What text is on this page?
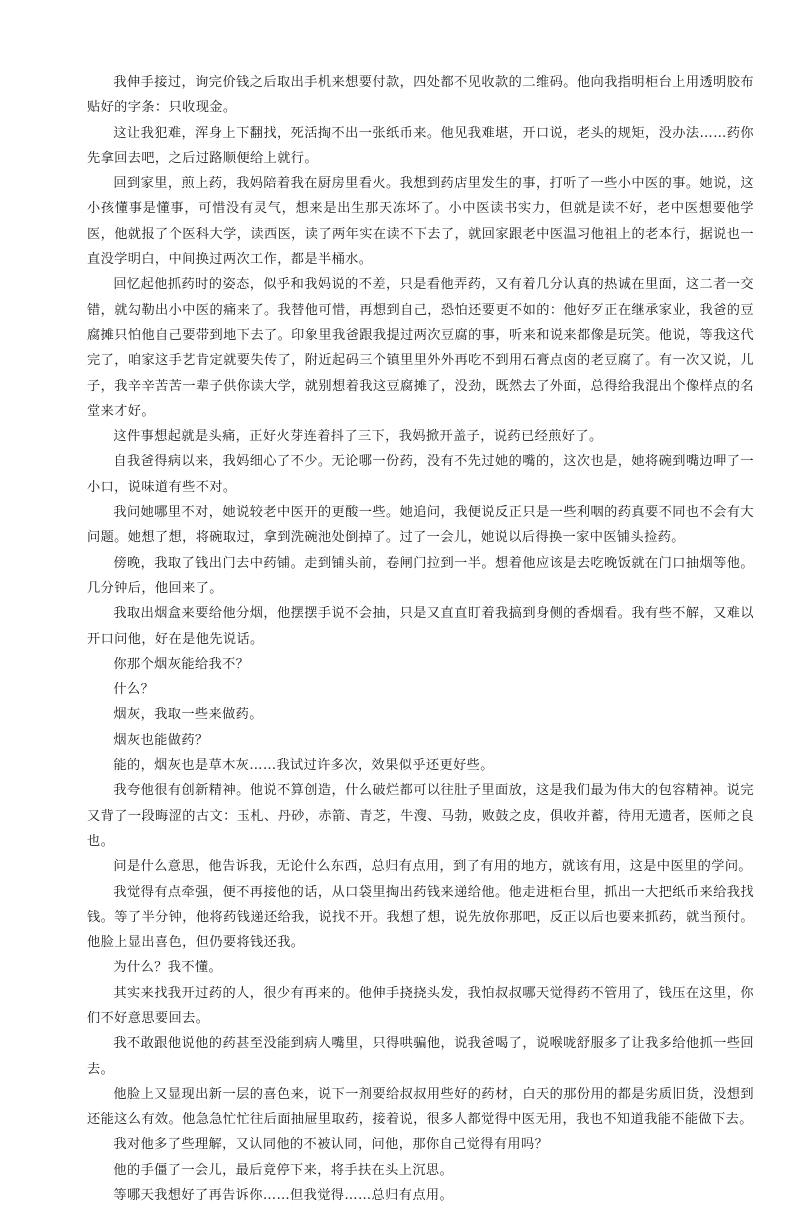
我伸手接过，询完价钱之后取出手机来想要付款，四处都不见收款的二维码。他向我指明柜台上用透明胶布贴好的字条：只收现金。

这让我犯难，浑身上下翻找，死活掏不出一张纸币来。他见我难堪，开口说，老头的规矩，没办法……药你先拿回去吧，之后过路顺便给上就行。

回到家里，煎上药，我妈陪着我在厨房里看火。我想到药店里发生的事，打听了一些小中医的事。她说，这小孩懂事是懂事，可惜没有灵气，想来是出生那天冻坏了。小中医读书实力，但就是读不好，老中医想要他学医，他就报了个医科大学，读西医，读了两年实在读不下去了，就回家跟老中医温习他祖上的老本行，据说也一直没学明白，中间换过两次工作，都是半桶水。

回忆起他抓药时的姿态，似乎和我妈说的不差，只是看他弄药，又有着几分认真的热诚在里面，这二者一交错，就勾勒出小中医的痛来了。我替他可惜，再想到自己，恐怕还要更不如的：他好歹正在继承家业，我爸的豆腐摊只怕他自己要带到地下去了。印象里我爸跟我提过两次豆腐的事，听来和说来都像是玩笑。他说，等我这代完了，咱家这手艺肯定就要失传了，附近起码三个镇里里外外再吃不到用石膏点卤的老豆腐了。有一次又说，儿子，我辛辛苦苦一辈子供你读大学，就别想着我这豆腐摊了，没劲，既然去了外面，总得给我混出个像样点的名堂来才好。

这件事想起就是头痛，正好火芽连着抖了三下，我妈掀开盖子，说药已经煎好了。

自我爸得病以来，我妈细心了不少。无论哪一份药，没有不先过她的嘴的，这次也是，她将碗到嘴边呷了一小口，说味道有些不对。

我问她哪里不对，她说较老中医开的更酸一些。她追问，我便说反正只是一些利咽的药真要不同也不会有大问题。她想了想，将碗取过，拿到洗碗池处倒掉了。过了一会儿，她说以后得换一家中医铺头捡药。

傍晚，我取了钱出门去中药铺。走到铺头前，卷闸门拉到一半。想着他应该是去吃晚饭就在门口抽烟等他。几分钟后，他回来了。

我取出烟盒来要给他分烟，他摆摆手说不会抽，只是又直直盯着我搞到身侧的香烟看。我有些不解，又难以开口问他，好在是他先说话。

你那个烟灰能给我不？

什么？

烟灰，我取一些来做药。

烟灰也能做药？

能的，烟灰也是草木灰……我试过许多次，效果似乎还更好些。

我夸他很有创新精神。他说不算创造，什么破烂都可以往肚子里面放，这是我们最为伟大的包容精神。说完又背了一段晦涩的古文：玉札、丹砂，赤箭、青芝，牛溲、马勃，败鼓之皮，俱收并蓄，待用无遗者，医师之良也。

问是什么意思，他告诉我，无论什么东西，总归有点用，到了有用的地方，就该有用，这是中医里的学问。

我觉得有点牵强，便不再接他的话，从口袋里掏出药钱来递给他。他走进柜台里，抓出一大把纸币来给我找钱。等了半分钟，他将药钱递还给我，说找不开。我想了想，说先放你那吧，反正以后也要来抓药，就当预付。他脸上显出喜色，但仍要将钱还我。

为什么？我不懂。

其实来找我开过药的人，很少有再来的。他伸手挠挠头发，我怕叔叔哪天觉得药不管用了，钱压在这里，你们不好意思要回去。

我不敢跟他说他的药甚至没能到病人嘴里，只得哄骗他，说我爸喝了，说喉咙舒服多了让我多给他抓一些回去。

他脸上又显现出新一层的喜色来，说下一剂要给叔叔用些好的药材，白天的那份用的都是劣质旧货，没想到还能这么有效。他急急忙忙往后面抽屉里取药，接着说，很多人都觉得中医无用，我也不知道我能不能做下去。

我对他多了些理解，又认同他的不被认同，问他，那你自己觉得有用吗？

他的手僵了一会儿，最后竟停下来，将手扶在头上沉思。

等哪天我想好了再告诉你……但我觉得……总归有点用。
